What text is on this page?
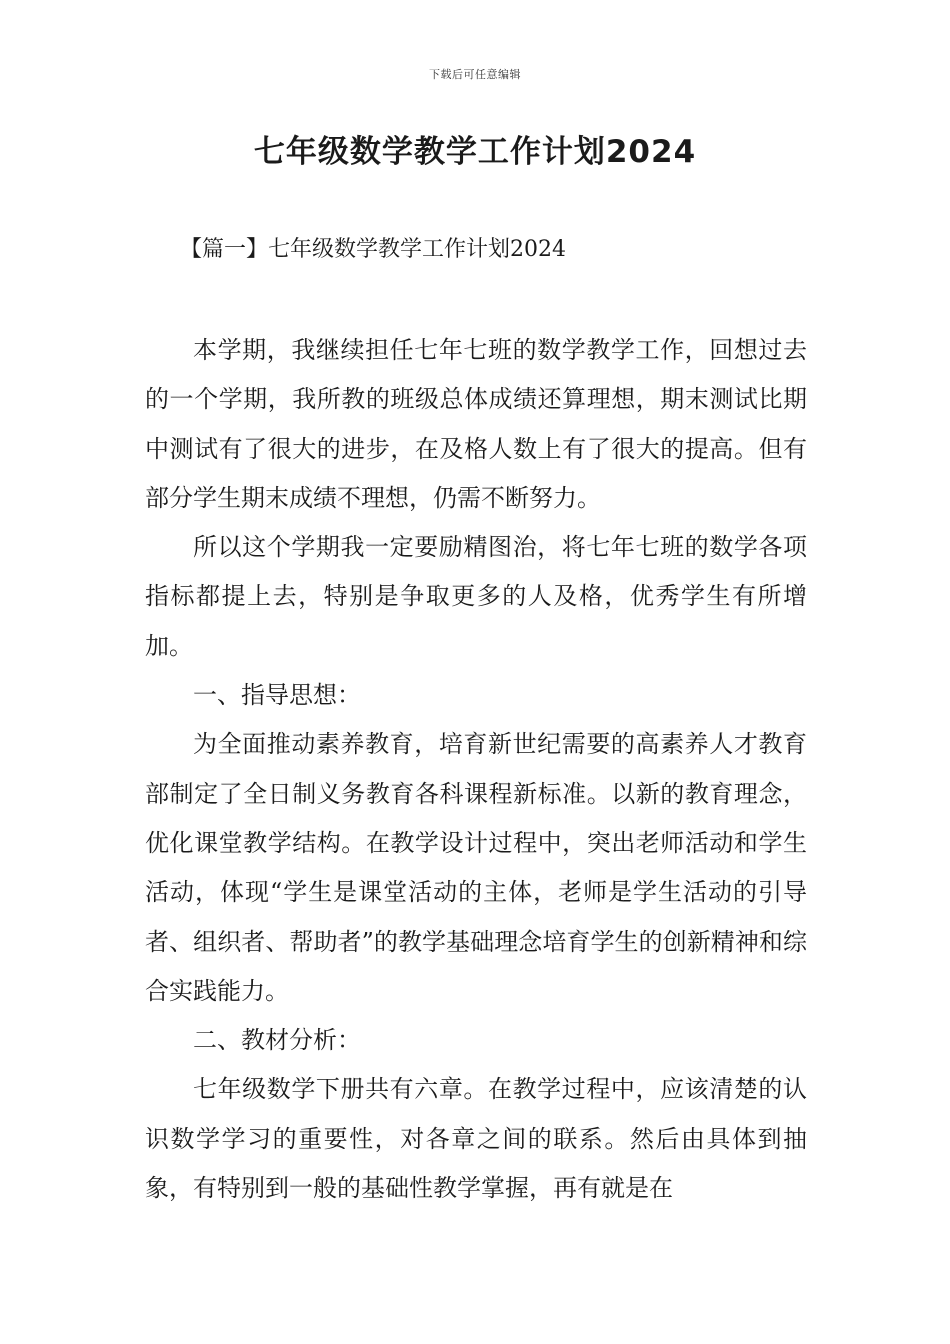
下载后可任意编辑
七年级数学教学工作计划2024
【篇一】七年级数学教学工作计划2024

本学期，我继续担任七年七班的数学教学工作，回想过去的一个学期，我所教的班级总体成绩还算理想，期末测试比期中测试有了很大的进步，在及格人数上有了很大的提高。但有部分学生期末成绩不理想，仍需不断努力。

所以这个学期我一定要励精图治，将七年七班的数学各项指标都提上去，特别是争取更多的人及格，优秀学生有所增加。

一、指导思想：

为全面推动素养教育，培育新世纪需要的高素养人才教育部制定了全日制义务教育各科课程新标准。以新的教育理念，优化课堂教学结构。在教学设计过程中，突出老师活动和学生活动，体现“学生是课堂活动的主体，老师是学生活动的引导者、组织者、帮助者”的教学基础理念培育学生的创新精神和综合实践能力。

二、教材分析：

七年级数学下册共有六章。在教学过程中，应该清楚的认识数学学习的重要性，对各章之间的联系。然后由具体到抽象，有特别到一般的基础性教学掌握，再有就是在
